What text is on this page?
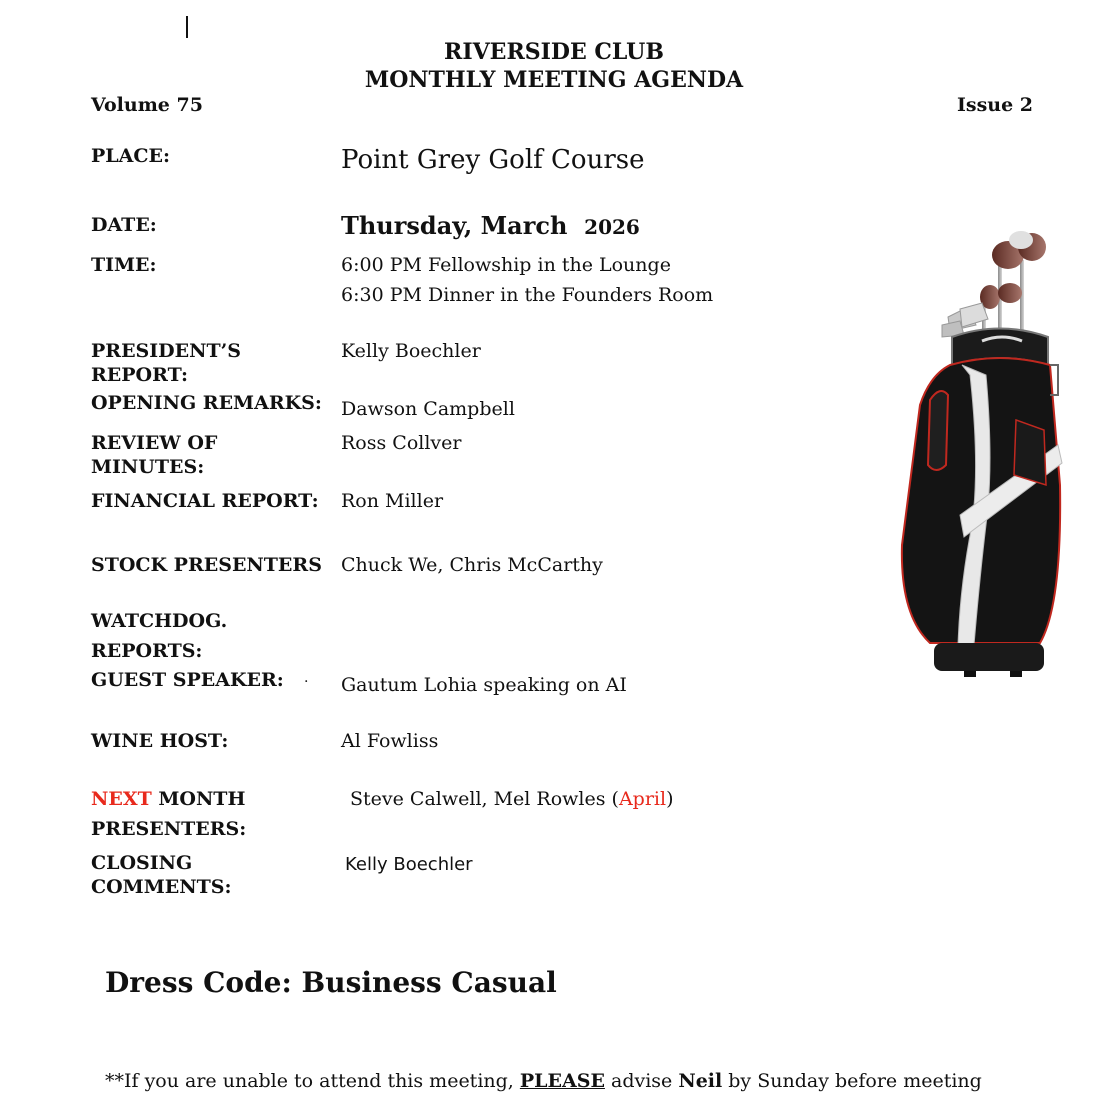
RIVERSIDE CLUB
MONTHLY MEETING AGENDA
Volume 75	Issue 2
PLACE:	Point Grey Golf Course
DATE:	Thursday, March 2026
TIME:	6:00 PM Fellowship in the Lounge
6:30 PM Dinner in the Founders Room
PRESIDENT’S
REPORT:
Kelly Boechler
OPENING REMARKS: Dawson Campbell
REVIEW OF
MINUTES:
Ross Collver
FINANCIAL REPORT: Ron Miller
STOCK PRESENTERS Chuck We, Chris McCarthy
WATCHDOG.
REPORTS:
GUEST SPEAKER: . Gautum Lohia speaking on AI
WINE HOST:	Al Fowliss
NEXT MONTH
PRESENTERS:
Steve Calwell, Mel Rowles (April)
CLOSING
COMMENTS:
Kelly Boechler
Dress Code: Business Casual
**If you are unable to attend this meeting, PLEASE advise Neil by Sunday before meeting
